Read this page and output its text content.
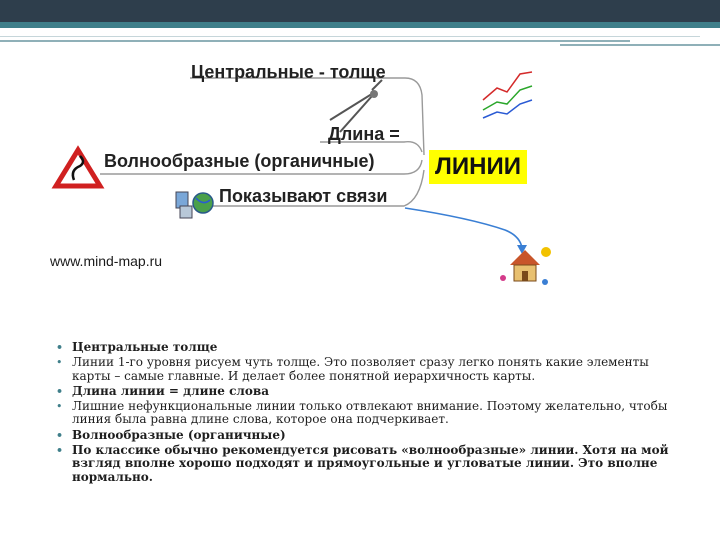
Центральные - толще
Длина =
ЛИНИИ
Волнообразные (органичные)
Показывают связи
www.mind-map.ru
• Центральные толще
• Линии 1-го уровня рисуем чуть толще. Это позволяет сразу легко понять какие элементы карты – самые главные. И делает более понятной иерархичность карты.
• Длина линии = длине слова
• Лишние нефункциональные линии только отвлекают внимание. Поэтому желательно, чтобы линия была равна длине слова, которое она подчеркивает.
• Волнообразные (органичные)
• По классике обычно рекомендуется рисовать «волнообразные» линии. Хотя на мой взгляд вполне хорошо подходят и прямоугольные и угловатые линии. Это вполне нормально.
